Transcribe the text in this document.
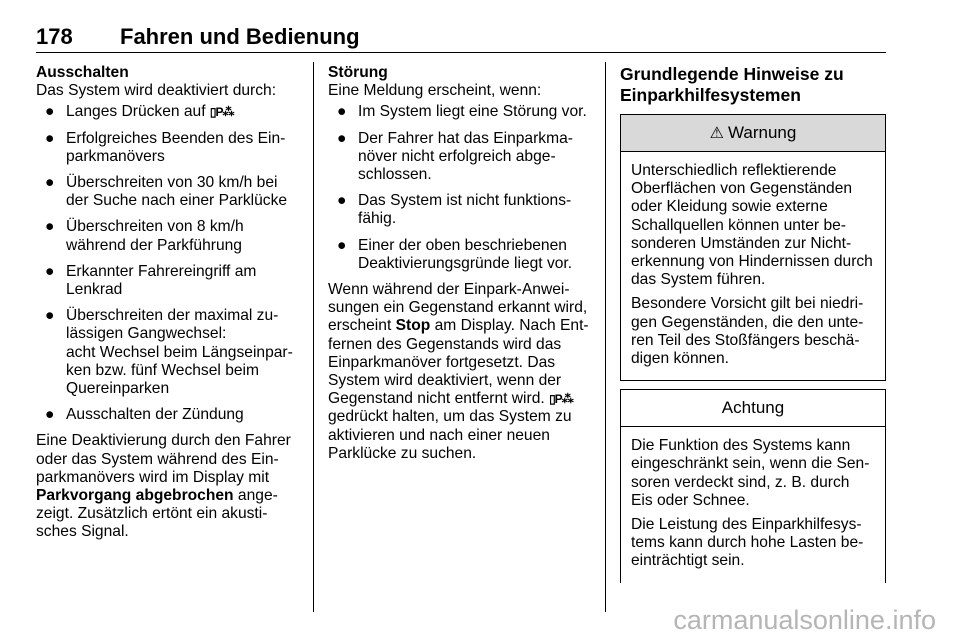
178 Fahren und Bedienung
Ausschalten

Das System wird deaktiviert durch:

● Langes Drücken auf ▯P⁂
● Erfolgreiches Beenden des Ein-parkmanövers
● Überschreiten von 30 km/h bei der Suche nach einer Parklücke
● Überschreiten von 8 km/h während der Parkführung
● Erkannter Fahrereingriff am Lenkrad
● Überschreiten der maximal zu-lässigen Gangwechsel:
acht Wechsel beim Längseinpar-ken bzw. fünf Wechsel beim Quereinparken
● Ausschalten der Zündung

Eine Deaktivierung durch den Fahrer oder das System während des Ein-parkmanövers wird im Display mit Parkvorgang abgebrochen ange-zeigt. Zusätzlich ertönt ein akusti-sches Signal.

Störung

Eine Meldung erscheint, wenn:

● Im System liegt eine Störung vor.
● Der Fahrer hat das Einparkma-növer nicht erfolgreich abge-schlossen.
● Das System ist nicht funktions-fähig.
● Einer der oben beschriebenen Deaktivierungsgründe liegt vor.

Wenn während der Einpark-Anwei-sungen ein Gegenstand erkannt wird, erscheint Stop am Display. Nach Ent-fernen des Gegenstands wird das Einparkmanöver fortgesetzt. Das System wird deaktiviert, wenn der Gegenstand nicht entfernt wird. ▯P⁂ gedrückt halten, um das System zu aktivieren und nach einer neuen Parklücke zu suchen.

Grundlegende Hinweise zu Einparkhilfesystemen
⚠ Warnung

Unterschiedlich reflektierende Oberflächen von Gegenständen oder Kleidung sowie externe Schallquellen können unter be-sonderen Umständen zur Nicht-erkennung von Hindernissen durch das System führen.

Besondere Vorsicht gilt bei niedri-gen Gegenständen, die den unte-ren Teil des Stoßfängers beschä-digen können.

Achtung

Die Funktion des Systems kann eingeschränkt sein, wenn die Sen-soren verdeckt sind, z. B. durch Eis oder Schnee.

Die Leistung des Einparkhilfesys-tems kann durch hohe Lasten be-einträchtigt sein.

carmanualsonline.info
